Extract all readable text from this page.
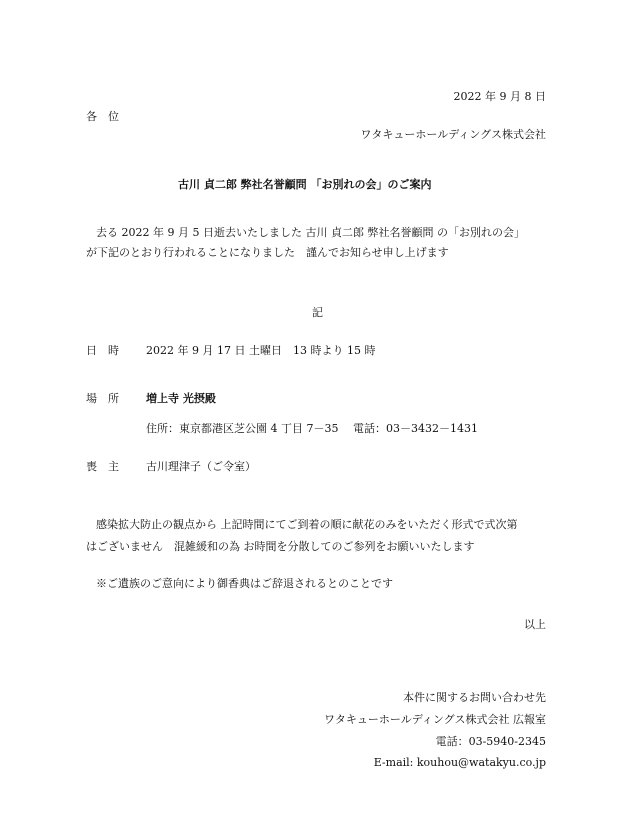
2022 年 9 月 8 日
各　位
ワタキューホールディングス株式会社
古川 貞二郎 弊社名誉顧問 「お別れの会」のご案内
去る 2022 年 9 月 5 日逝去いたしました 古川 貞二郎 弊社名誉顧問 の「お別れの会」
が下記のとおり行われることになりました　謹んでお知らせ申し上げます
記
日　時 2022 年 9 月 17 日 土曜日　13 時より 15 時
場　所 増上寺 光摂殿
住所：東京都港区芝公園 4 丁目 7－35　 電話：03－3432－1431
喪　主 古川理津子（ご令室）
感染拡大防止の観点から 上記時間にてご到着の順に献花のみをいただく形式で式次第
はございません　混雑緩和の為 お時間を分散してのご参列をお願いいたします
※ご遺族のご意向により御香典はご辞退されるとのことです
以上
本件に関するお問い合わせ先
ワタキューホールディングス株式会社 広報室
電話：03-5940-2345
E-mail: kouhou@watakyu.co.jp
